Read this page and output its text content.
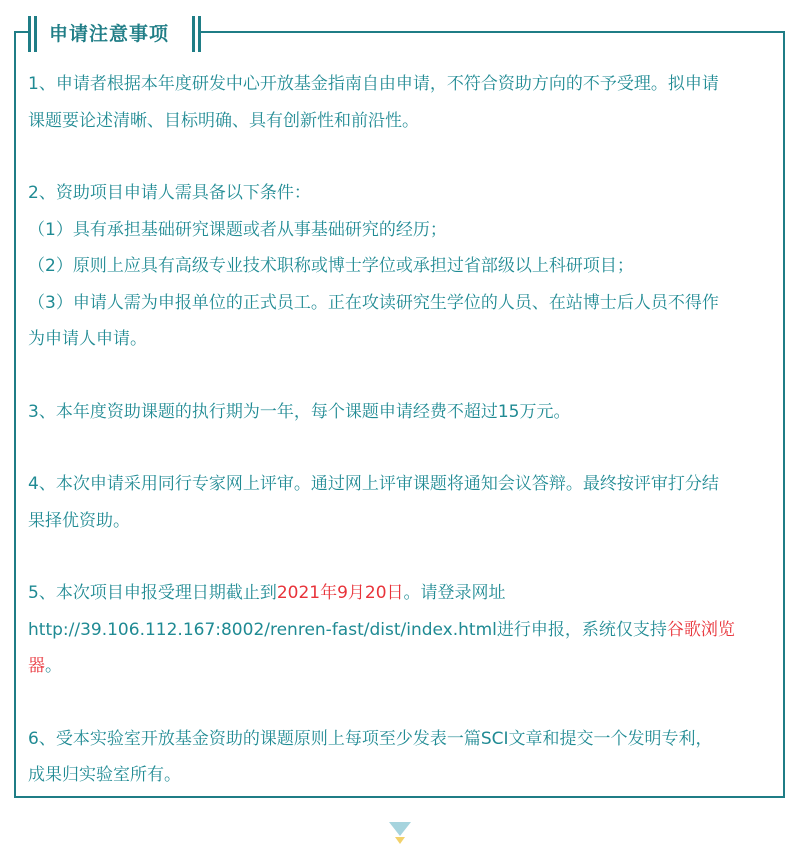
申请注意事项
1、申请者根据本年度研发中心开放基金指南自由申请，不符合资助方向的不予受理。拟申请
课题要论述清晰、目标明确、具有创新性和前沿性。
2、资助项目申请人需具备以下条件：
（1）具有承担基础研究课题或者从事基础研究的经历；
（2）原则上应具有高级专业技术职称或博士学位或承担过省部级以上科研项目；
（3）申请人需为申报单位的正式员工。正在攻读研究生学位的人员、在站博士后人员不得作
为申请人申请。
3、本年度资助课题的执行期为一年，每个课题申请经费不超过15万元。
4、本次申请采用同行专家网上评审。通过网上评审课题将通知会议答辩。最终按评审打分结
果择优资助。
5、本次项目申报受理日期截止到2021年9月20日。请登录网址
http://39.106.112.167:8002/renren-fast/dist/index.html进行申报，系统仅支持谷歌浏览
器。
6、受本实验室开放基金资助的课题原则上每项至少发表一篇SCI文章和提交一个发明专利，
成果归实验室所有。
